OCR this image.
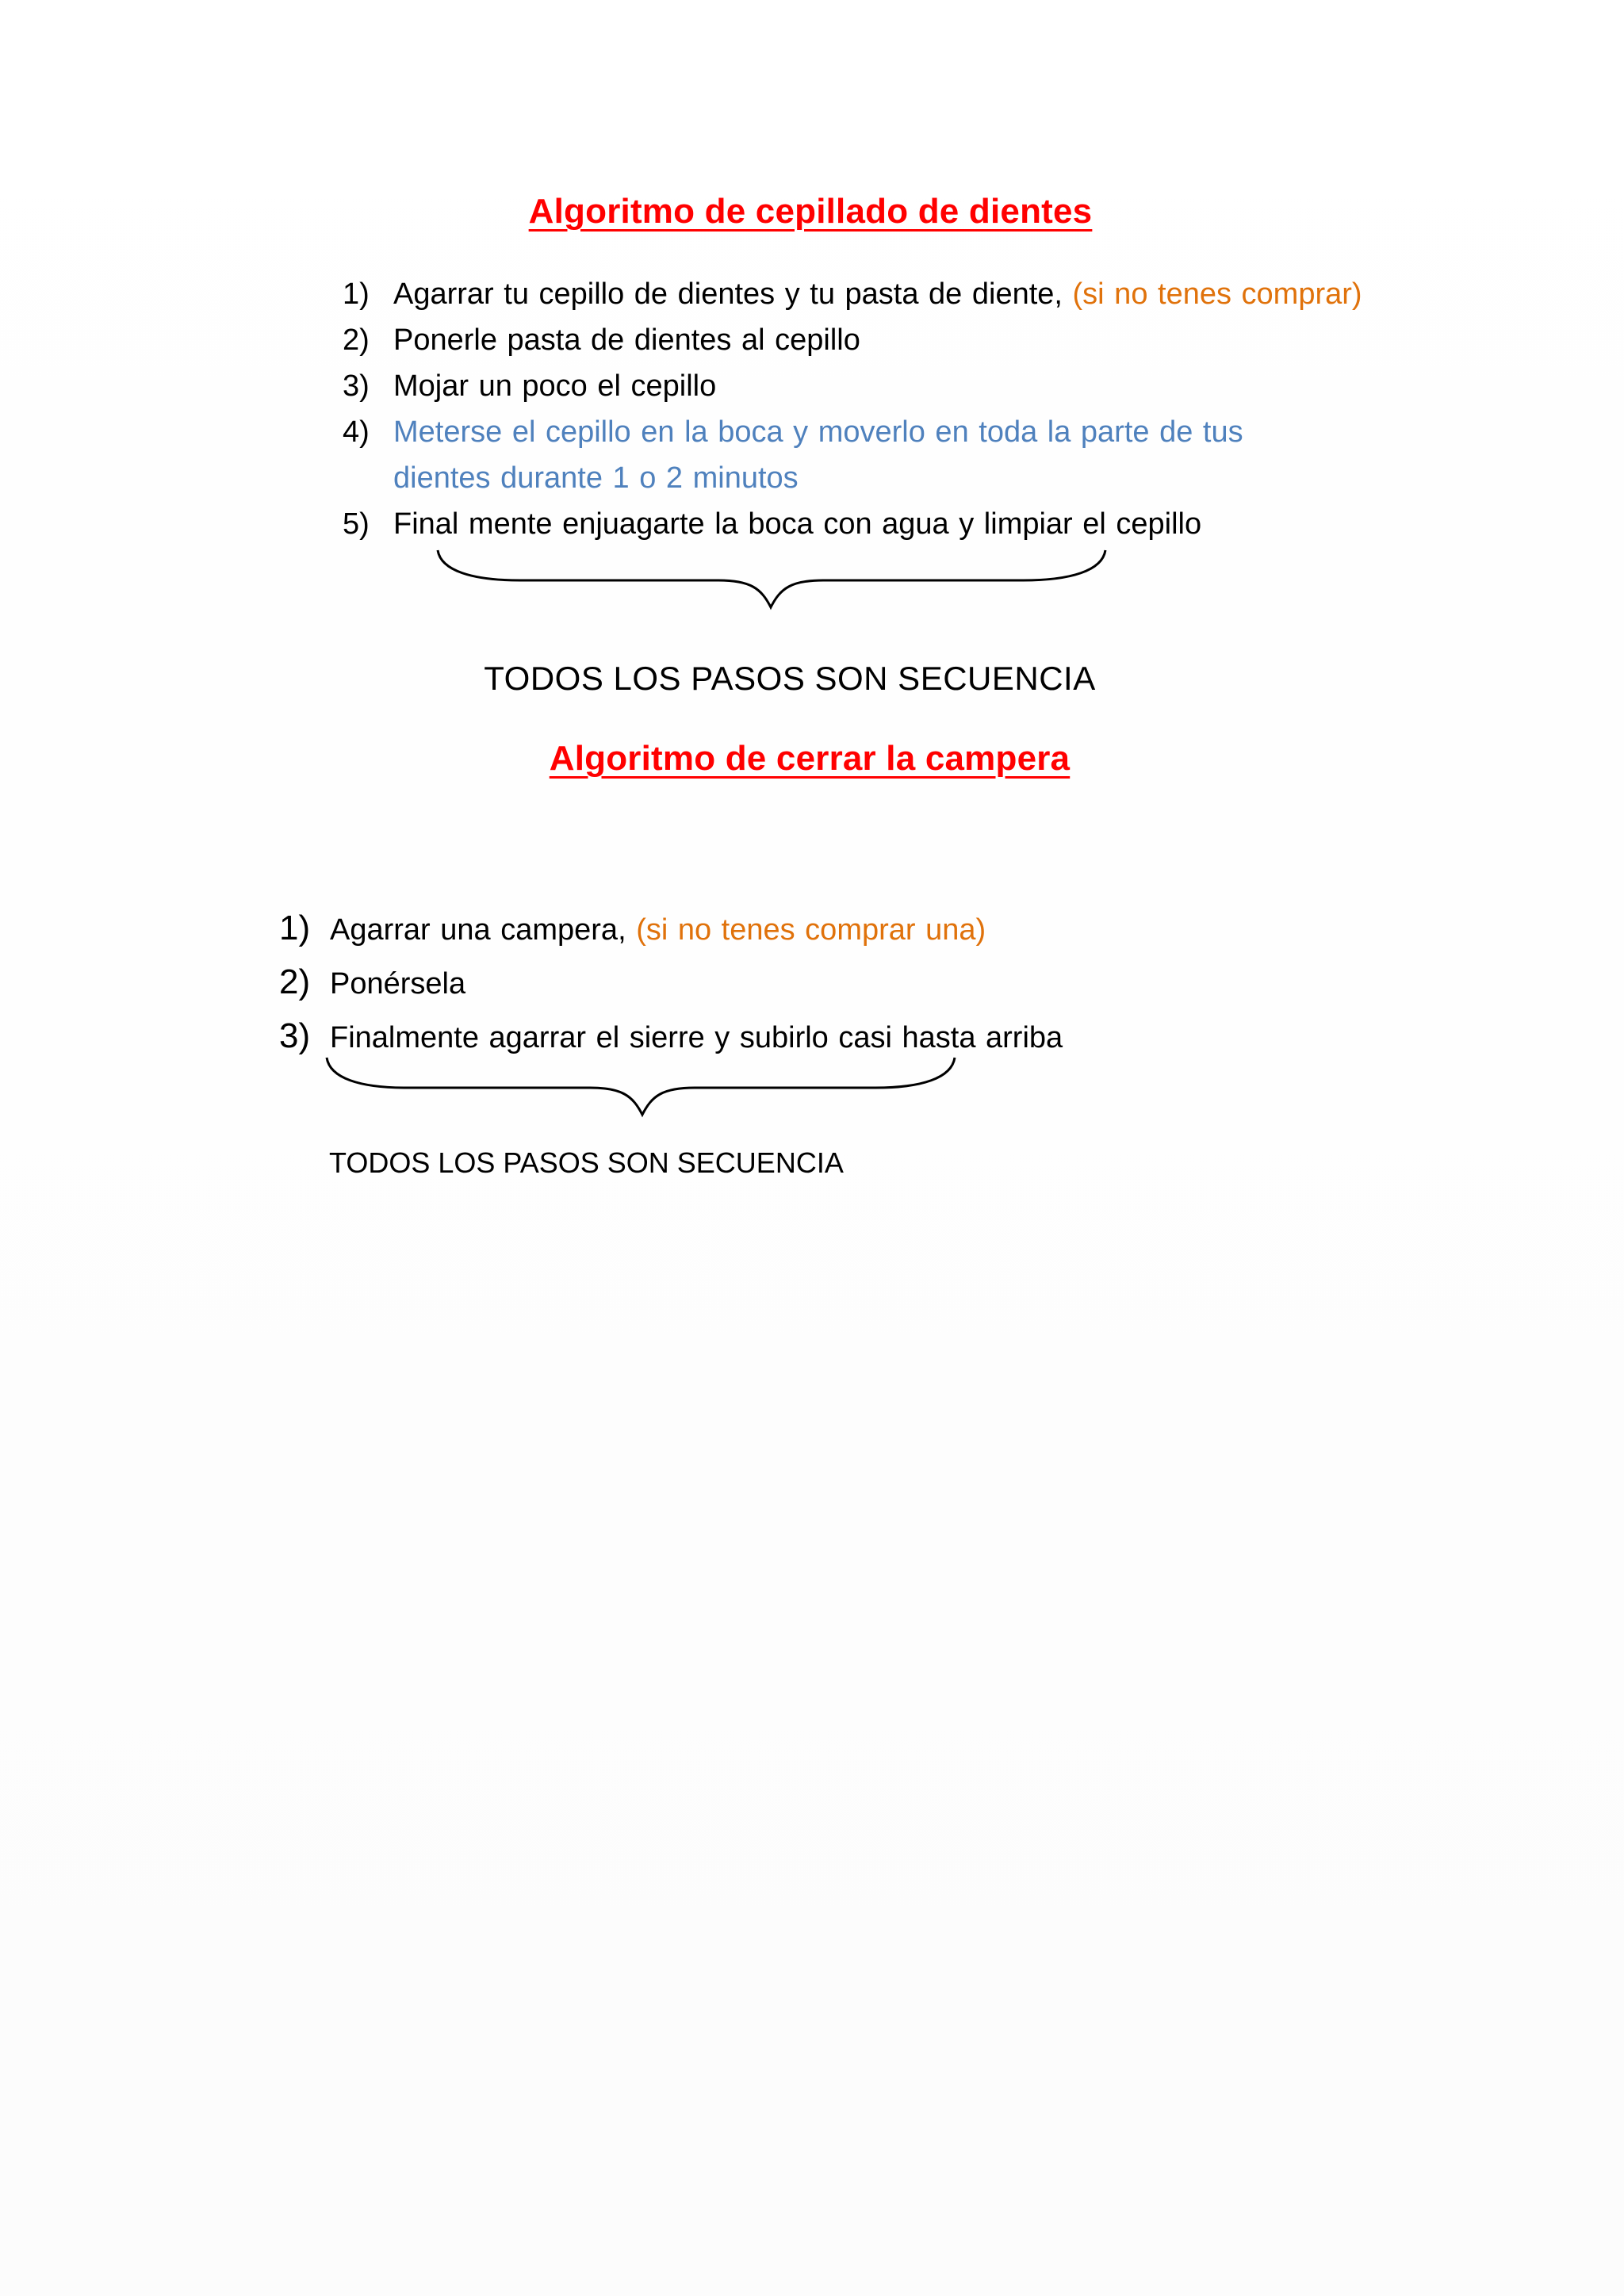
Algoritmo de cepillado de dientes
1) Agarrar tu cepillo de dientes y tu pasta de diente, (si no tenes comprar)
2) Ponerle pasta de dientes al cepillo
3) Mojar un poco el cepillo
4) Meterse el cepillo en la boca y moverlo en toda la parte de tus dientes durante 1 o 2 minutos
5) Final mente enjuagarte la boca con agua y limpiar el cepillo
TODOS LOS PASOS SON SECUENCIA
Algoritmo de cerrar la campera
1) Agarrar una campera, (si no tenes comprar una)
2) Ponérsela
3) Finalmente agarrar el sierre y subirlo casi hasta arriba
TODOS LOS PASOS SON SECUENCIA
